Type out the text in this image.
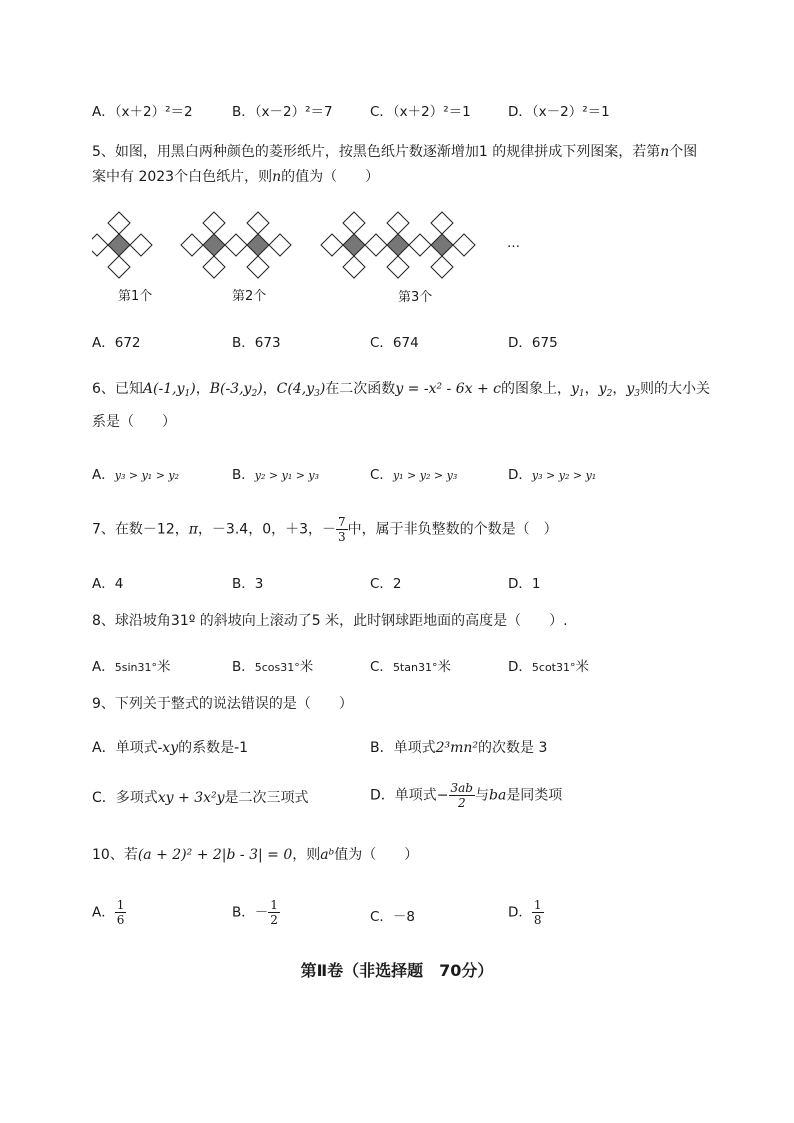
A．（x＋2）²＝2	B．（x－2）²＝7	C．（x＋2）²＝1	D．（x－2）²＝1
5、如图，用黑白两种颜色的菱形纸片，按黑色纸片数逐渐增加1 的规律拼成下列图案，若第n个图
案中有 2023个白色纸片，则n的值为（　　）
第1个	第2个	第3个
…
A．672	B．673	C．674	D．675
6、已知$A(-1,y_1)$，$B(-3,y_2)$，$C(4,y_3)$在二次函数y = -x² - 6x + c的图象上，$y_1$，$y_2$，$y_3$则的大小关
系是（　　）
A．y₃ > y₁ > y₂	B．y₂ > y₁ > y₃	C．y₁ > y₂ > y₃	D．y₃ > y₂ > y₁
7、在数－12，π，－3.4，0，＋3，－ $\frac{7}{3}$ 中，属于非负整数的个数是（　）
A．4	B．3	C．2	D．1
8、球沿坡角31º 的斜坡向上滚动了5 米，此时钢球距地面的高度是（　　）.
A．5sin31°米	B．5cos31°米	C．5tan31°米	D．5cot31°米
9、下列关于整式的说法错误的是（　　）
A．单项式-xy的系数是-1	B．单项式2³mn²的次数是 3
C．多项式xy + 3x²y是二次三项式	D．单项式− $\frac{3ab}{2}$ 与ba是同类项
10、若(a + 2)² + 2|b - 3| = 0，则aᵇ值为（　　）
A． $\frac{1}{6}$	B．－ $\frac{1}{2}$	C．－8	D． $\frac{1}{8}$
第Ⅱ卷（非选择题　70分）
